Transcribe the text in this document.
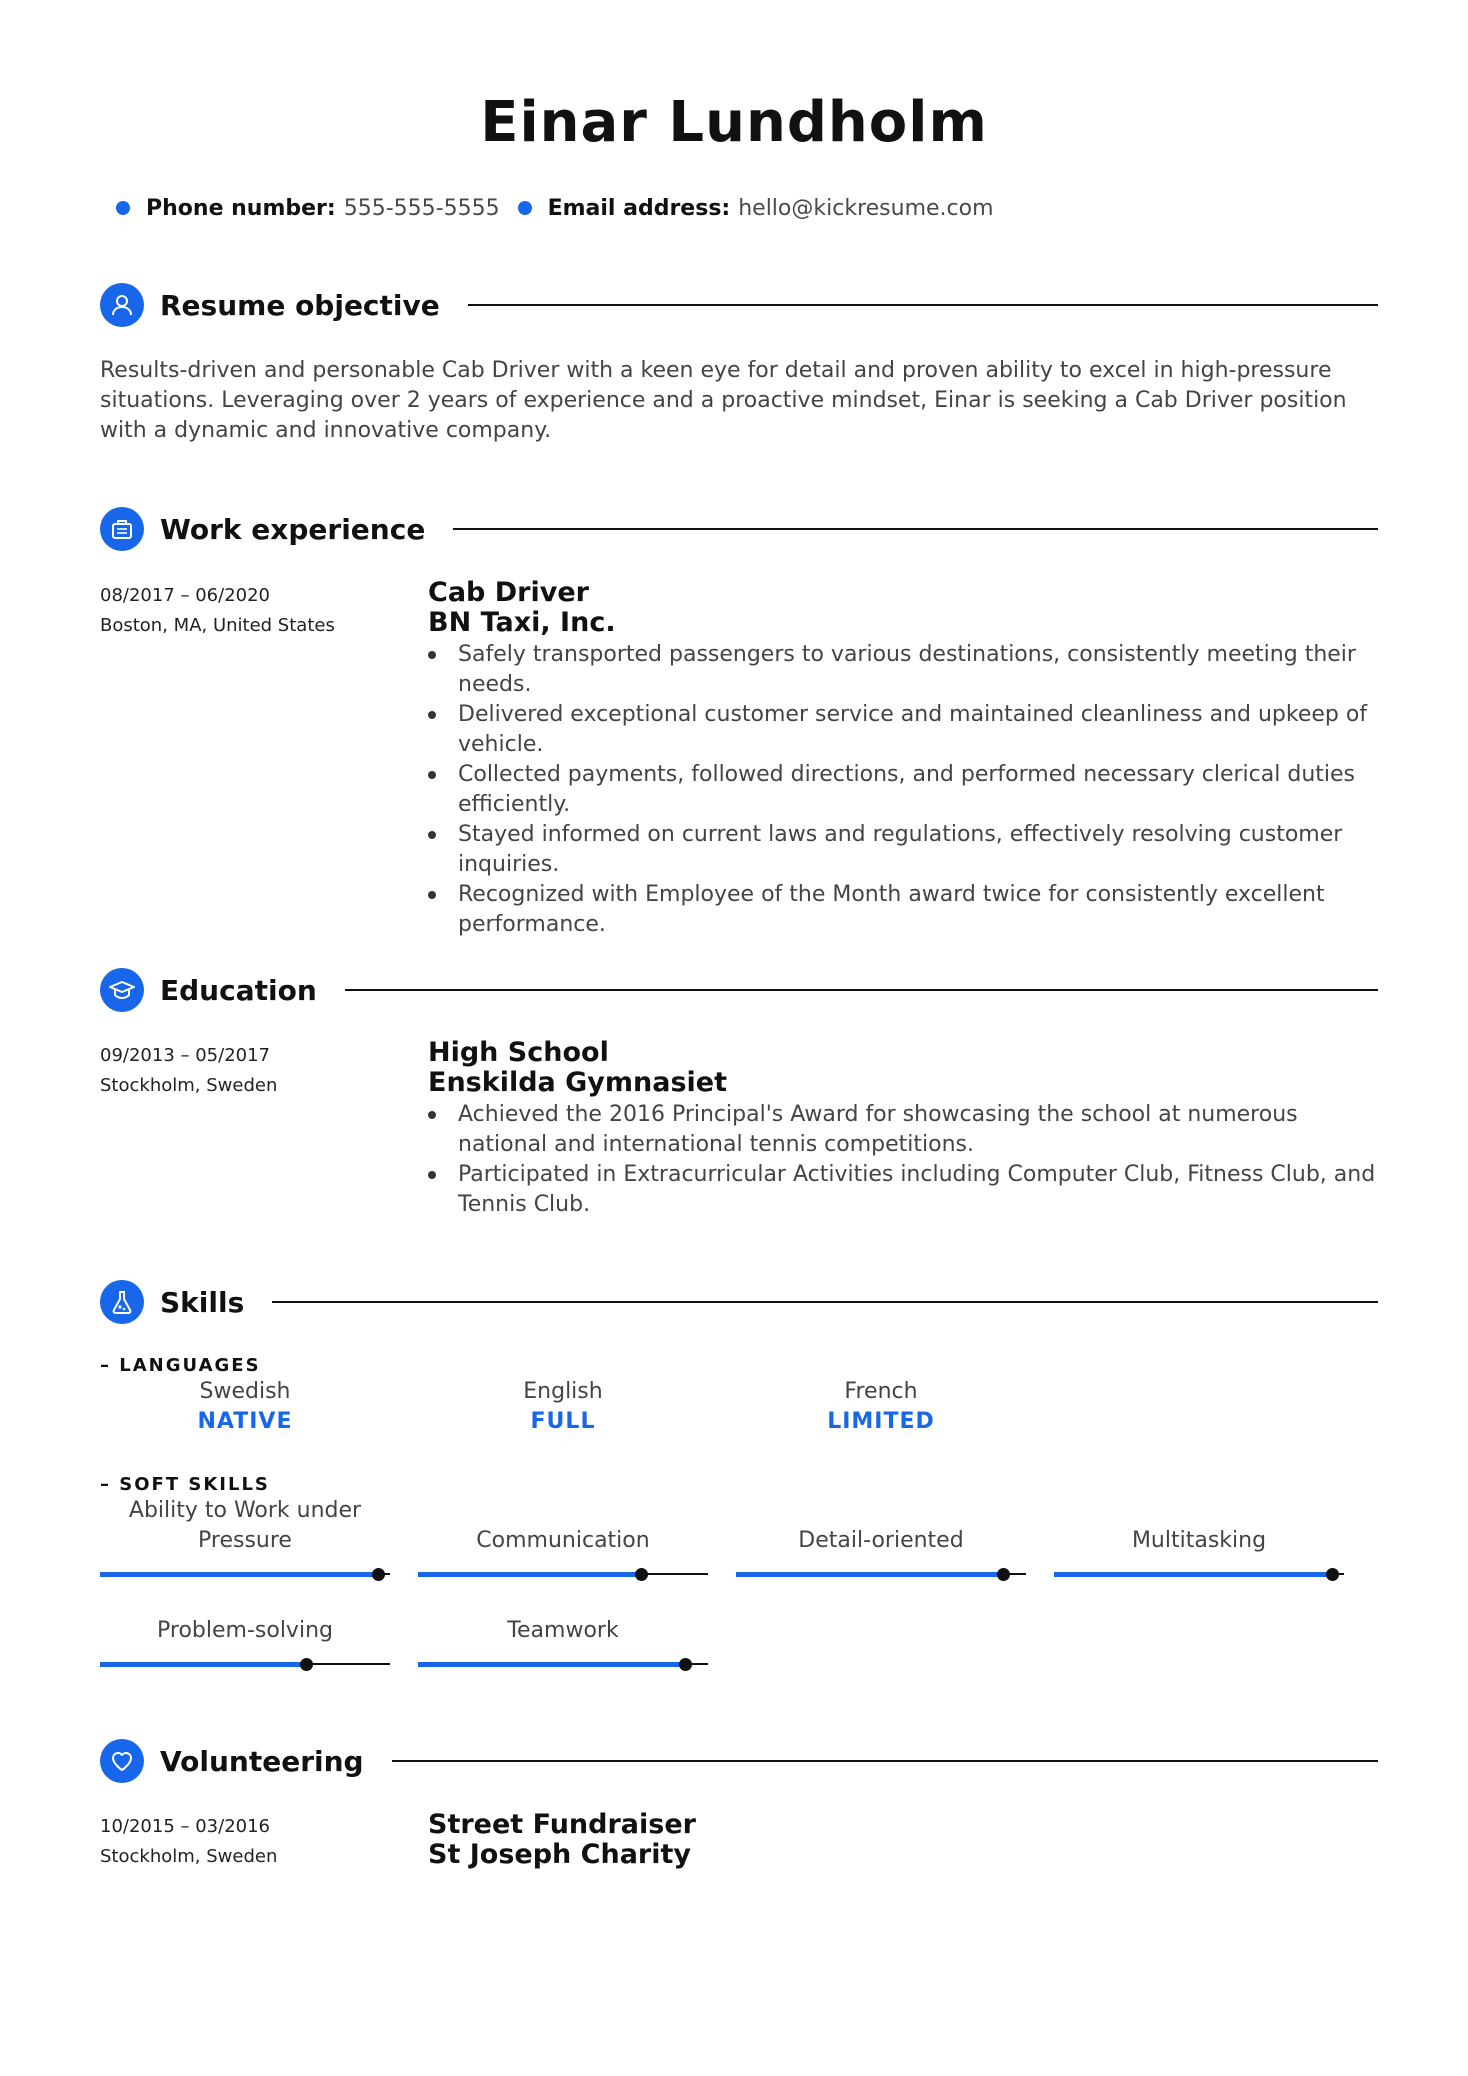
Einar Lundholm
Phone number: 555-555-5555 Email address: hello@kickresume.com
Resume objective

Results-driven and personable Cab Driver with a keen eye for detail and proven ability to excel in high-pressure situations. Leveraging over 2 years of experience and a proactive mindset, Einar is seeking a Cab Driver position with a dynamic and innovative company.

Work experience
08/2017 – 06/2020
Boston, MA, United States
Cab Driver
BN Taxi, Inc.
Safely transported passengers to various destinations, consistently meeting their needs.
Delivered exceptional customer service and maintained cleanliness and upkeep of vehicle.
Collected payments, followed directions, and performed necessary clerical duties efficiently.
Stayed informed on current laws and regulations, effectively resolving customer inquiries.
Recognized with Employee of the Month award twice for consistently excellent performance.
Education
09/2013 – 05/2017
Stockholm, Sweden
High School
Enskilda Gymnasiet
Achieved the 2016 Principal's Award for showcasing the school at numerous national and international tennis competitions.
Participated in Extracurricular Activities including Computer Club, Fitness Club, and Tennis Club.
Skills
– LANGUAGES
Swedish
NATIVE
English
FULL
French
LIMITED
– SOFT SKILLS
Ability to Work under Pressure	Communication	Detail-oriented	Multitasking
Problem-solving	Teamwork
Volunteering
10/2015 – 03/2016
Stockholm, Sweden
Street Fundraiser
St Joseph Charity
